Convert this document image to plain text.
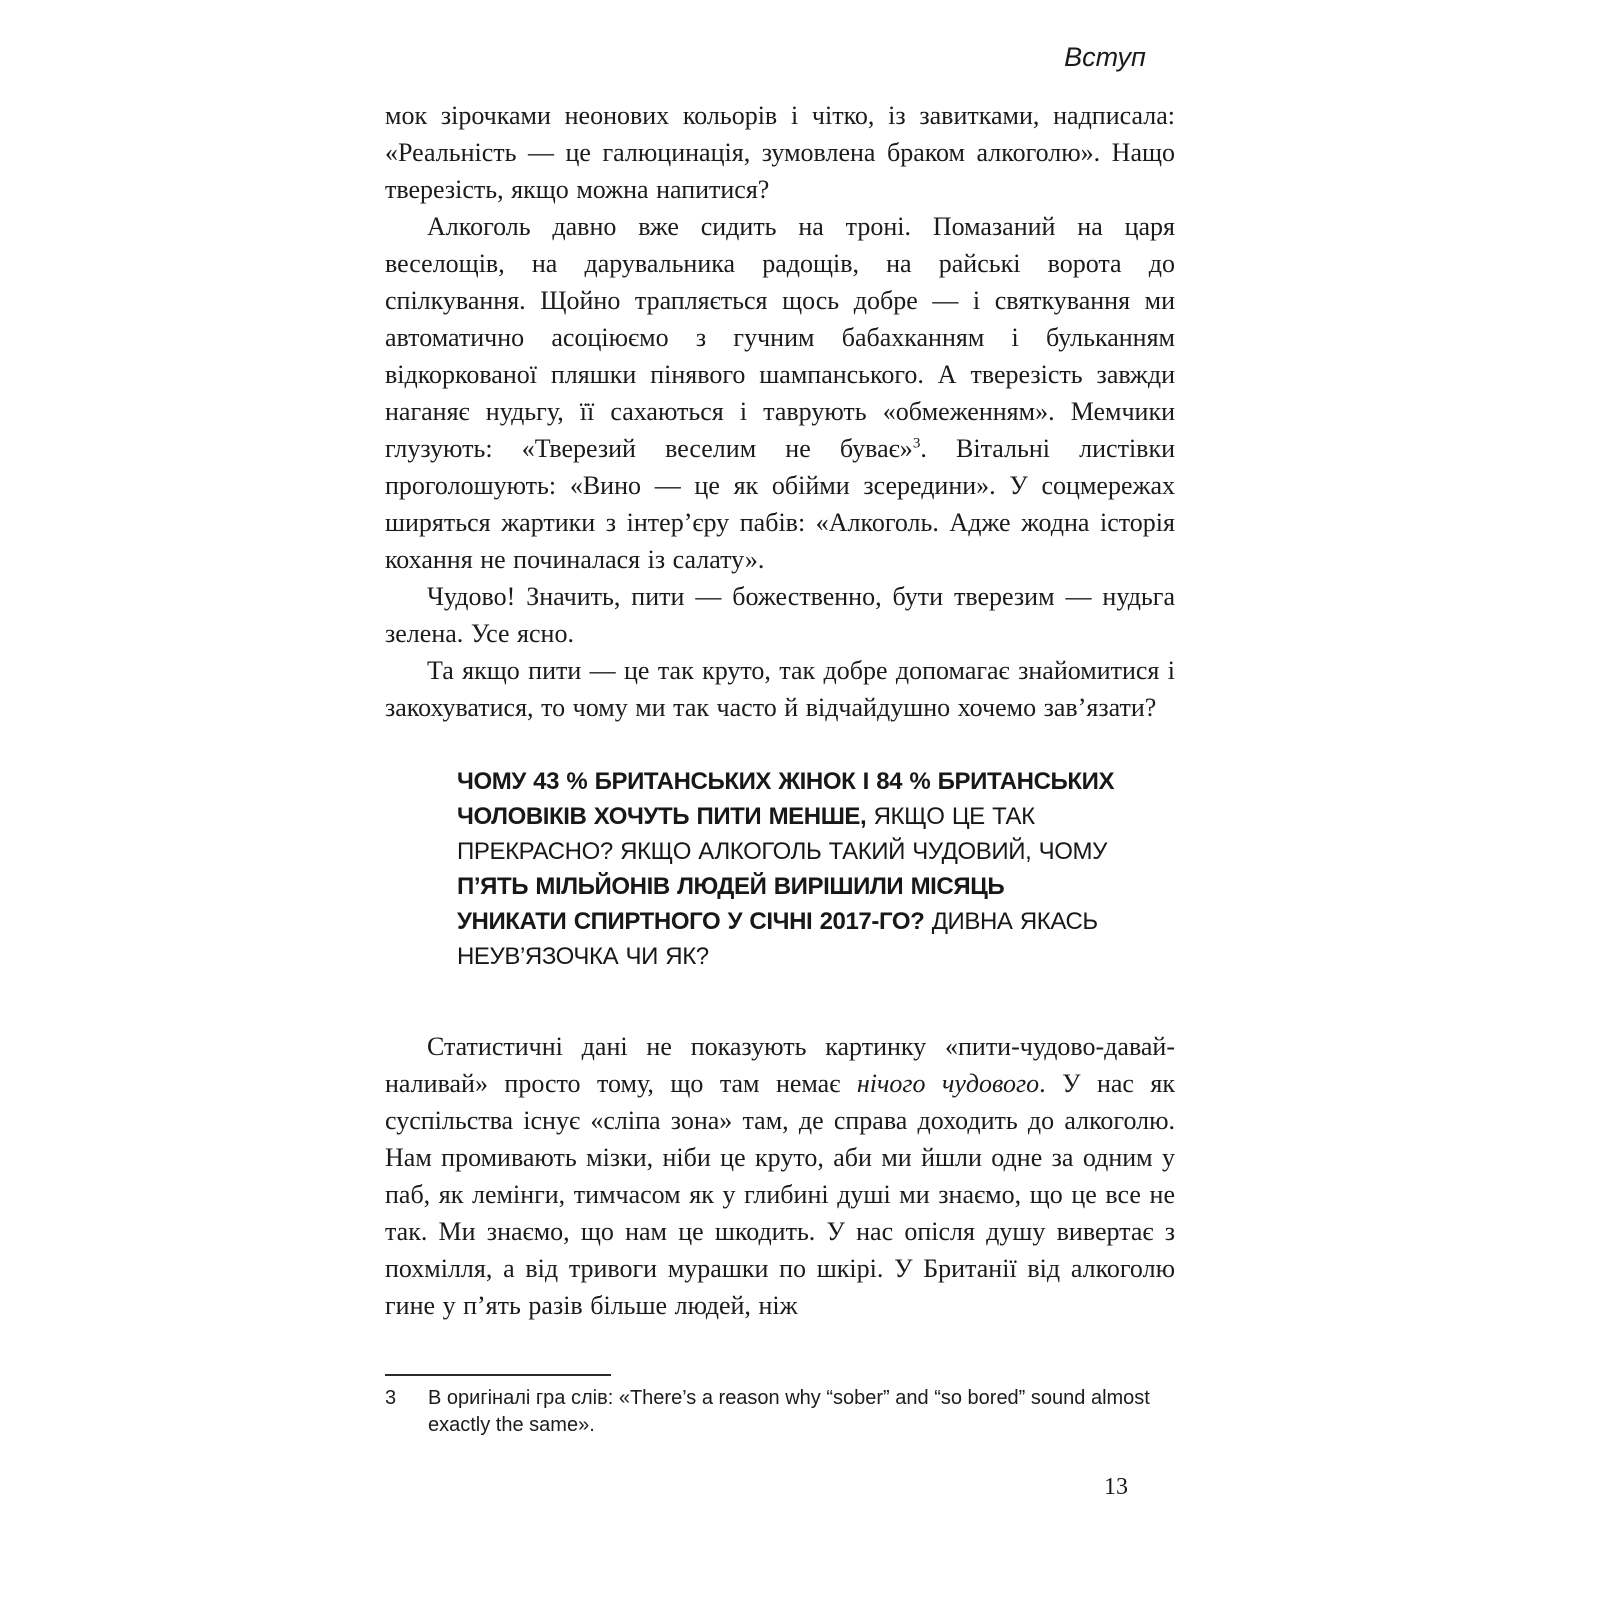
Вступ

мок зірочками неонових кольорів і чітко, із завитками, надписала: «Реальність — це галюцинація, зумовлена браком алкоголю». Нащо тверезість, якщо можна напитися?

Алкоголь давно вже сидить на троні. Помазаний на царя веселощів, на дарувальника радощів, на райські ворота до спілкування. Щойно трапляється щось добре — і святкування ми автоматично асоціюємо з гучним бабахканням і бульканням відкоркованої пляшки пінявого шампанського. А тверезість завжди наганяє нудьгу, її сахаються і таврують «обмеженням». Мемчики глузують: «Тверезий веселим не буває»$^3$. Вітальні листівки проголошують: «Вино — це як обійми зсередини». У соцмережах ширяться жартики з інтер’єру пабів: «Алкоголь. Адже жодна історія кохання не починалася із салату».

Чудово! Значить, пити — божественно, бути тверезим — нудьга зелена. Усе ясно.

Та якщо пити — це так круто, так добре допомагає знайомитися і закохуватися, то чому ми так часто й відчайдушно хочемо зав’язати?

ЧОМУ 43 % БРИТАНСЬКИХ ЖІНОК І 84 % БРИТАНСЬКИХ ЧОЛОВІКІВ ХОЧУТЬ ПИТИ МЕНШЕ, ЯКЩО ЦЕ ТАК ПРЕКРАСНО? ЯКЩО АЛКОГОЛЬ ТАКИЙ ЧУДОВИЙ, ЧОМУ П’ЯТЬ МІЛЬЙОНІВ ЛЮДЕЙ ВИРІШИЛИ МІСЯЦЬ УНИКАТИ СПИРТНОГО У СІЧНІ 2017-ГО? ДИВНА ЯКАСЬ НЕУВ’ЯЗОЧКА ЧИ ЯК?

Статистичні дані не показують картинку «пити-чудово-давай-наливай» просто тому, що там немає нічого чудового. У нас як суспільства існує «сліпа зона» там, де справа доходить до алкоголю. Нам промивають мізки, ніби це круто, аби ми йшли одне за одним у паб, як лемінги, тимчасом як у глибині душі ми знаємо, що це все не так. Ми знаємо, що нам це шкодить. У нас опісля душу вивертає з похмілля, а від тривоги мурашки по шкірі. У Британії від алкоголю гине у п’ять разів більше людей, ніж

3	В оригіналі гра слів: «There’s a reason why “sober” and “so bored” sound almost exactly the same».
13
